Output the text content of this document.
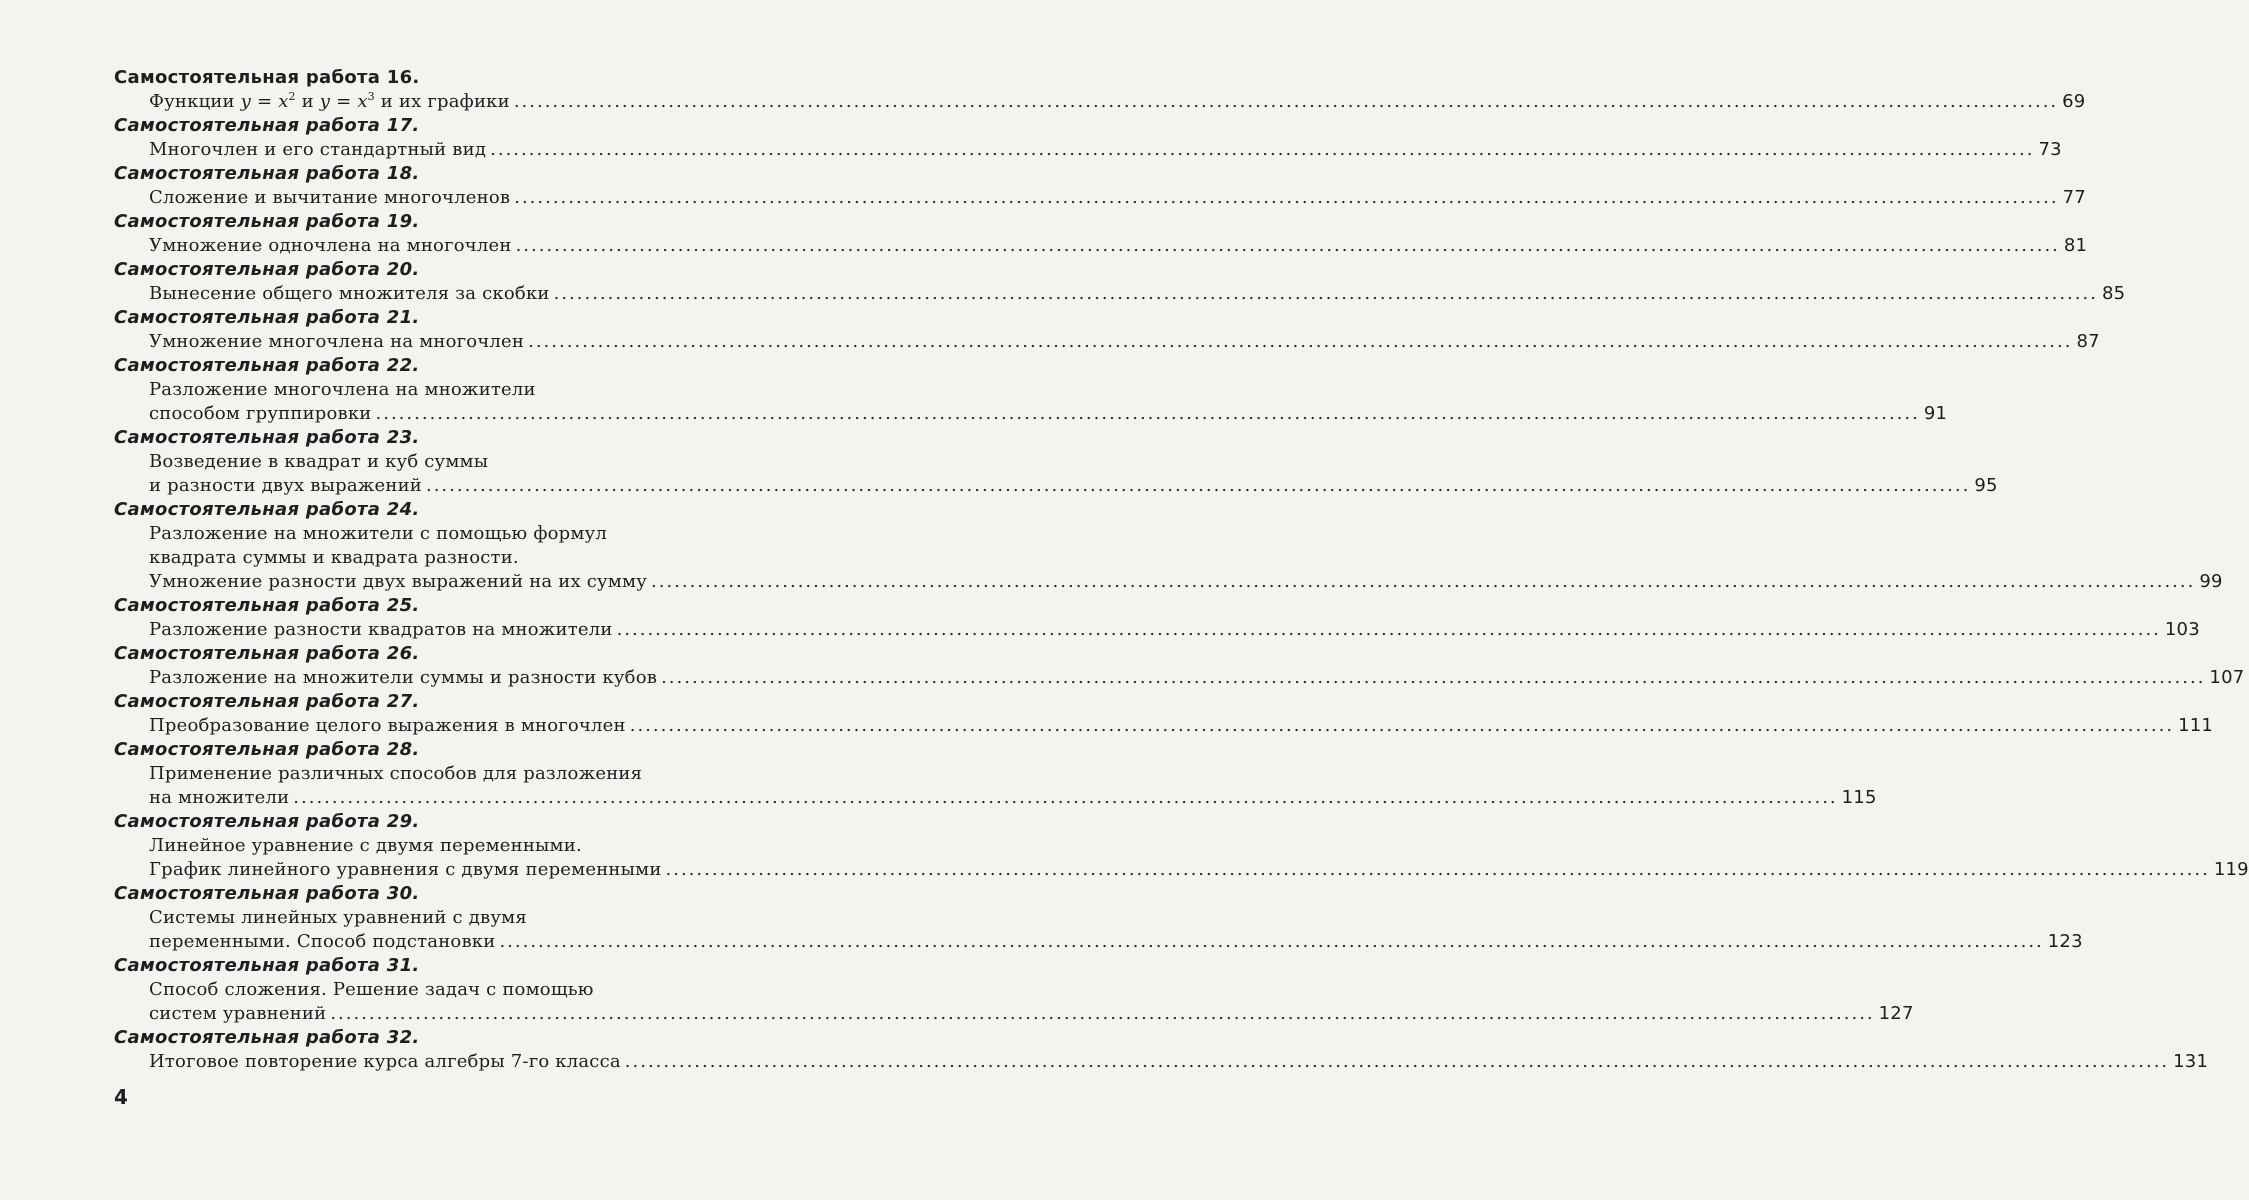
Самостоятельная работа 16.
Функции $y = x^2$ и $y = x^3$ и их графики ........................................................................................................................................................................................................ 69
Самостоятельная работа 17.
Многочлен и его стандартный вид ........................................................................................................................................................................................................ 73
Самостоятельная работа 18.
Сложение и вычитание многочленов ........................................................................................................................................................................................................ 77
Самостоятельная работа 19.
Умножение одночлена на многочлен ........................................................................................................................................................................................................ 81
Самостоятельная работа 20.
Вынесение общего множителя за скобки ........................................................................................................................................................................................................ 85
Самостоятельная работа 21.
Умножение многочлена на многочлен ........................................................................................................................................................................................................ 87
Самостоятельная работа 22.
Разложение многочлена на множители
способом группировки ........................................................................................................................................................................................................ 91
Самостоятельная работа 23.
Возведение в квадрат и куб суммы
и разности двух выражений ........................................................................................................................................................................................................ 95
Самостоятельная работа 24.
Разложение на множители с помощью формул
квадрата суммы и квадрата разности.
Умножение разности двух выражений на их сумму ........................................................................................................................................................................................................ 99
Самостоятельная работа 25.
Разложение разности квадратов на множители ........................................................................................................................................................................................................ 103
Самостоятельная работа 26.
Разложение на множители суммы и разности кубов ........................................................................................................................................................................................................ 107
Самостоятельная работа 27.
Преобразование целого выражения в многочлен ........................................................................................................................................................................................................ 111
Самостоятельная работа 28.
Применение различных способов для разложения
на множители ........................................................................................................................................................................................................ 115
Самостоятельная работа 29.
Линейное уравнение с двумя переменными.
График линейного уравнения с двумя переменными ........................................................................................................................................................................................................ 119
Самостоятельная работа 30.
Системы линейных уравнений с двумя
переменными. Способ подстановки ........................................................................................................................................................................................................ 123
Самостоятельная работа 31.
Способ сложения. Решение задач с помощью
систем уравнений ........................................................................................................................................................................................................ 127
Самостоятельная работа 32.
Итоговое повторение курса алгебры 7-го класса ........................................................................................................................................................................................................ 131
4
